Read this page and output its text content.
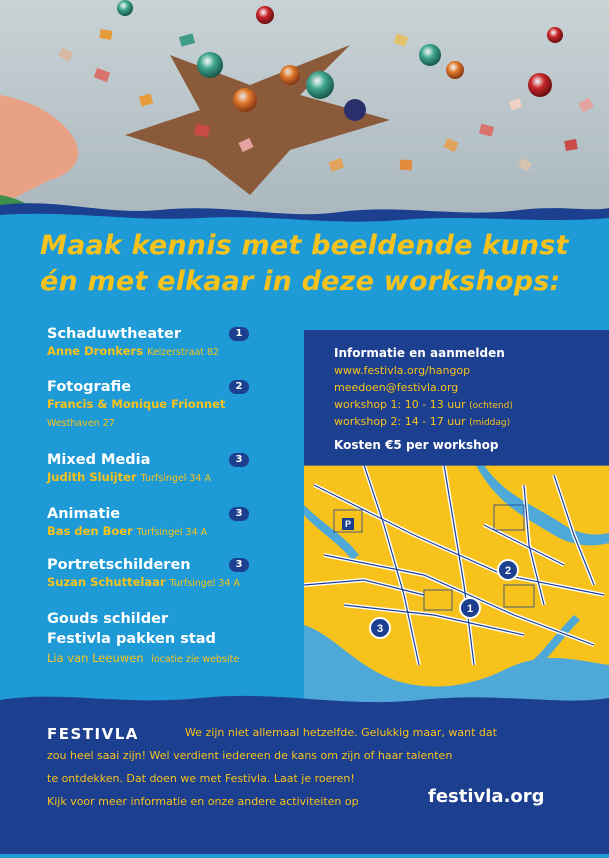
Maak kennis met beeldende kunst
én met elkaar in deze workshops:
Schaduwtheater
Anne Dronkers Keizerstraat 82
1
Fotografie
Francis & Monique Frionnet
Westhaven 27
2
Mixed Media
Judith Sluijter Turfsingel 34 A
3
Animatie
Bas den Boer Turfsingel 34 A
3
Portretschilderen
Suzan Schuttelaar Turfsingel 34 A
3
Gouds schilder
Festivla pakken stad
Lia van Leeuwen locatie zie website
Informatie en aanmelden
www.festivla.org/hangop
meedoen@festivla.org
workshop 1: 10 - 13 uur (ochtend)
workshop 2: 14 - 17 uur (middag)
Kosten €5 per workshop
P
1
2
3
FESTIVLA	We zijn niet allemaal hetzelfde. Gelukkig maar, want dat
zou heel saai zijn! Wel verdient iedereen de kans om zijn of haar talenten
te ontdekken. Dat doen we met Festivla. Laat je roeren!
Kijk voor meer informatie en onze andere activiteiten op	festivla.org
